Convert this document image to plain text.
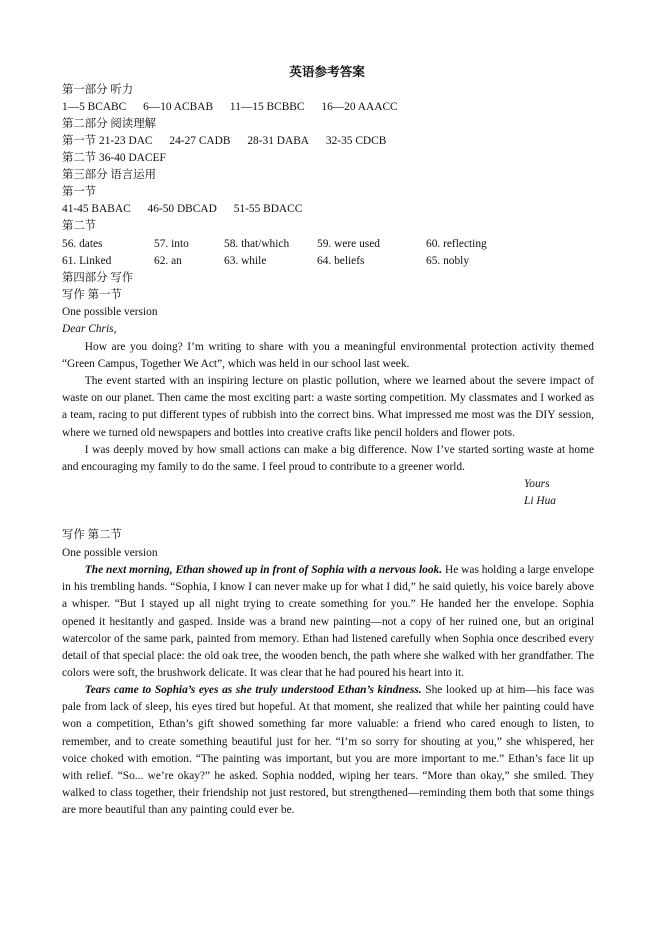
英语参考答案
第一部分 听力
1—5 BCABC 6—10 ACBAB 11—15 BCBBC 16—20 AAACC
第二部分 阅读理解
第一节 21-23 DAC 24-27 CADB 28-31 DABA 32-35 CDCB
第二节 36-40 DACEF
第三部分 语言运用
第一节
41-45 BABAC 46-50 DBCAD 51-55 BDACC
第二节
56. dates	57. into	58. that/which 59. were used	60. reflecting
61. Linked	62. an	63. while	64. beliefs	65. nobly
第四部分 写作
写作 第一节
One possible version
Dear Chris,

How are you doing? I’m writing to share with you a meaningful environmental protection activity themed “Green Campus, Together We Act”, which was held in our school last week.

The event started with an inspiring lecture on plastic pollution, where we learned about the severe impact of waste on our planet. Then came the most exciting part: a waste sorting competition. My classmates and I worked as a team, racing to put different types of rubbish into the correct bins. What impressed me most was the DIY session, where we turned old newspapers and bottles into creative crafts like pencil holders and flower pots.

I was deeply moved by how small actions can make a big difference. Now I’ve started sorting waste at home and encouraging my family to do the same. I feel proud to contribute to a greener world.

Yours
Li Hua
写作 第二节
One possible version

The next morning, Ethan showed up in front of Sophia with a nervous look. He was holding a large envelope in his trembling hands. “Sophia, I know I can never make up for what I did,” he said quietly, his voice barely above a whisper. “But I stayed up all night trying to create something for you.” He handed her the envelope. Sophia opened it hesitantly and gasped. Inside was a brand new painting—not a copy of her ruined one, but an original watercolor of the same park, painted from memory. Ethan had listened carefully when Sophia once described every detail of that special place: the old oak tree, the wooden bench, the path where she walked with her grandfather. The colors were soft, the brushwork delicate. It was clear that he had poured his heart into it.

Tears came to Sophia’s eyes as she truly understood Ethan’s kindness. She looked up at him—his face was pale from lack of sleep, his eyes tired but hopeful. At that moment, she realized that while her painting could have won a competition, Ethan’s gift showed something far more valuable: a friend who cared enough to listen, to remember, and to create something beautiful just for her. “I’m so sorry for shouting at you,” she whispered, her voice choked with emotion. “The painting was important, but you are more important to me.” Ethan’s face lit up with relief. “So... we’re okay?” he asked. Sophia nodded, wiping her tears. “More than okay,” she smiled. They walked to class together, their friendship not just restored, but strengthened—reminding them both that some things are more beautiful than any painting could ever be.
